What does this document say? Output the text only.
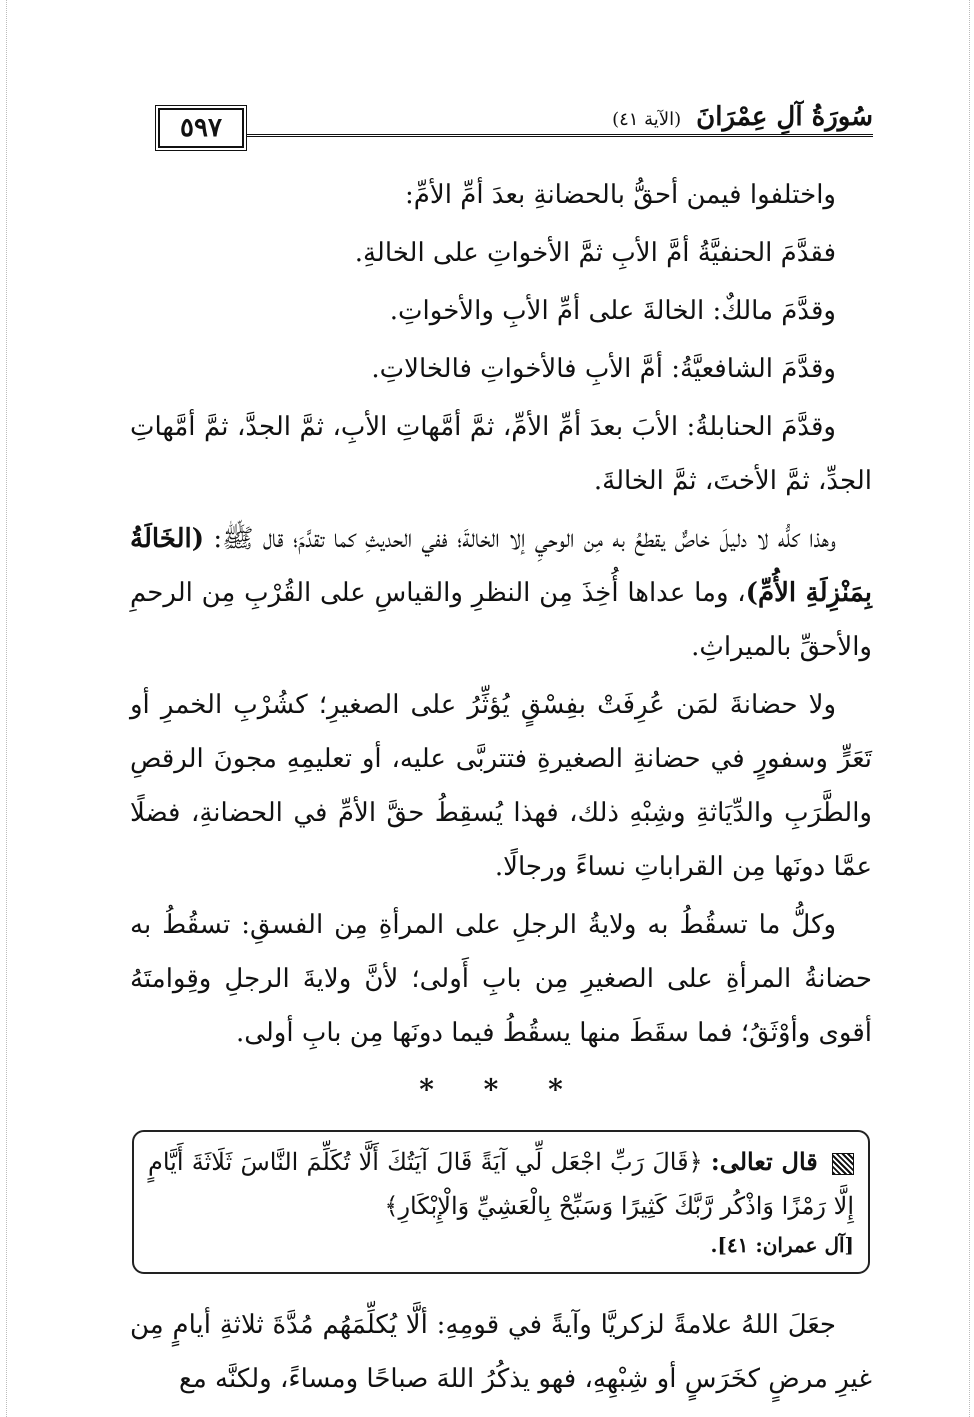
سُورَةُ آلِ عِمْرَانَ (الآية ٤١)
٥٩٧

واختلفوا فيمن أحقُّ بالحضانةِ بعدَ أمِّ الأمِّ:

فقدَّمَ الحنفيَّةُ أمَّ الأبِ ثمَّ الأخواتِ على الخالةِ.

وقدَّمَ مالكٌ: الخالةَ على أمِّ الأبِ والأخواتِ.

وقدَّمَ الشافعيَّةُ: أمَّ الأبِ فالأخواتِ فالخالاتِ.

وقدَّمَ الحنابلةُ: الأبَ بعدَ أمِّ الأمِّ، ثمَّ أمَّهاتِ الأبِ، ثمَّ الجدَّ، ثمَّ أمَّهاتِ الجدِّ، ثمَّ الأختَ، ثمَّ الخالةَ.

وهذا كلُّه لا دليلَ خاصٌّ يقطعُ به مِن الوحيِ إلا الخالةَ؛ ففي الحديثِ كما تقدَّمَ؛ قال ﷺ: (الخَالَةُ بِمَنْزِلَةِ الأُمِّ)، وما عداها أُخِذَ مِن النظرِ والقياسِ على القُرْبِ مِن الرحمِ والأحقِّ بالميراثِ.

ولا حضانةَ لمَن عُرِفَتْ بفِسْقٍ يُؤثِّرُ على الصغيرِ؛ كشُرْبِ الخمرِ أو تَعَرٍّ وسفورٍ في حضانةِ الصغيرةِ فتتربَّى عليه، أو تعليمِهِ مجونَ الرقصِ والطَّرَبِ والدِّيَاثةِ وشِبْهِ ذلك، فهذا يُسقِطُ حقَّ الأمِّ في الحضانةِ، فضلًا عمَّا دونَها مِن القراباتِ نساءً ورجالًا.

وكلُّ ما تسقُطُ به ولايةُ الرجلِ على المرأةِ مِن الفسقِ: تسقُطُ به حضانةُ المرأةِ على الصغيرِ مِن بابِ أَولى؛ لأنَّ ولايةَ الرجلِ وقِوامتَهُ أقوى وأوْثَقُ؛ فما سقَطَ منها يسقُطُ فيما دونَها مِن بابِ أولى.

* * *
قال تعالى: ﴿قَالَ رَبِّ اجْعَل لِّي آيَةً قَالَ آيَتُكَ أَلَّا تُكَلِّمَ النَّاسَ ثَلَاثَةَ أَيَّامٍ إِلَّا رَمْزًا وَاذْكُر رَّبَّكَ كَثِيرًا وَسَبِّحْ بِالْعَشِيِّ وَالْإِبْكَارِ﴾
[آل عمران: ٤١].

جعَلَ اللهُ علامةً لزكريَّا وآيةً في قومِهِ: ألَّا يُكلِّمَهُم مُدَّةَ ثلاثةِ أيامٍ مِن غيرِ مرضٍ كخَرَسٍ أو شِبْهِهِ، فهو يذكُرُ اللهَ صباحًا ومساءً، ولكنَّه مع
